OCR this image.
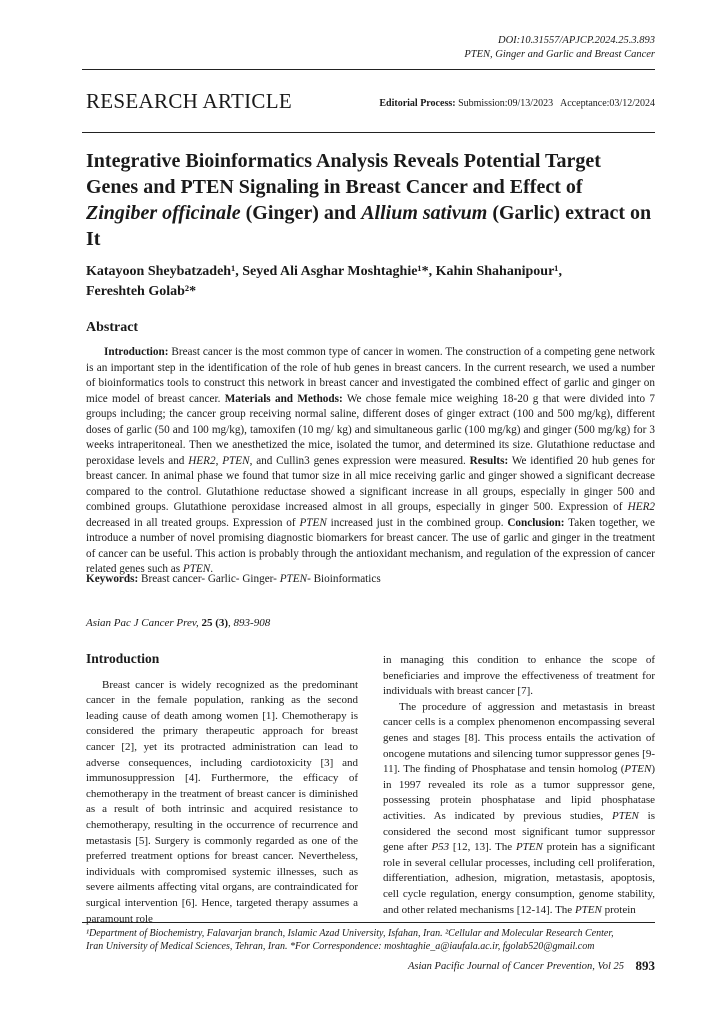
DOI:10.31557/APJCP.2024.25.3.893
PTEN, Ginger and Garlic and Breast Cancer
RESEARCH ARTICLE	Editorial Process: Submission:09/13/2023   Acceptance:03/12/2024
Integrative Bioinformatics Analysis Reveals Potential Target Genes and PTEN Signaling in Breast Cancer and Effect of Zingiber officinale (Ginger) and Allium sativum (Garlic) extract on It
Katayoon Sheybatzadeh¹, Seyed Ali Asghar Moshtaghie¹*, Kahin Shahanipour¹,
Fereshteh Golab²*
Abstract
Introduction: Breast cancer is the most common type of cancer in women. The construction of a competing gene network is an important step in the identification of the role of hub genes in breast cancers. In the current research, we used a number of bioinformatics tools to construct this network in breast cancer and investigated the combined effect of garlic and ginger on mice model of breast cancer. Materials and Methods: We chose female mice weighing 18-20 g that were divided into 7 groups including; the cancer group receiving normal saline, different doses of ginger extract (100 and 500 mg/kg), different doses of garlic (50 and 100 mg/kg), tamoxifen (10 mg/ kg) and simultaneous garlic (100 mg/kg) and ginger (500 mg/kg) for 3 weeks intraperitoneal. Then we anesthetized the mice, isolated the tumor, and determined its size. Glutathione reductase and peroxidase levels and HER2, PTEN, and Cullin3 genes expression were measured. Results: We identified 20 hub genes for breast cancer. In animal phase we found that tumor size in all mice receiving garlic and ginger showed a significant decrease compared to the control. Glutathione reductase showed a significant increase in all groups, especially in ginger 500 and combined groups. Glutathione peroxidase increased almost in all groups, especially in ginger 500. Expression of HER2 decreased in all treated groups. Expression of PTEN increased just in the combined group. Conclusion: Taken together, we introduce a number of novel promising diagnostic biomarkers for breast cancer. The use of garlic and ginger in the treatment of cancer can be useful. This action is probably through the antioxidant mechanism, and regulation of the expression of cancer related genes such as PTEN.
Keywords: Breast cancer- Garlic- Ginger- PTEN- Bioinformatics
Asian Pac J Cancer Prev, 25 (3), 893-908
Introduction

Breast cancer is widely recognized as the predominant cancer in the female population, ranking as the second leading cause of death among women [1]. Chemotherapy is considered the primary therapeutic approach for breast cancer [2], yet its protracted administration can lead to adverse consequences, including cardiotoxicity [3] and immunosuppression [4]. Furthermore, the efficacy of chemotherapy in the treatment of breast cancer is diminished as a result of both intrinsic and acquired resistance to chemotherapy, resulting in the occurrence of recurrence and metastasis [5]. Surgery is commonly regarded as one of the preferred treatment options for breast cancer. Nevertheless, individuals with compromised systemic illnesses, such as severe ailments affecting vital organs, are contraindicated for surgical intervention [6]. Hence, targeted therapy assumes a paramount role

in managing this condition to enhance the scope of beneficiaries and improve the effectiveness of treatment for individuals with breast cancer [7].

The procedure of aggression and metastasis in breast cancer cells is a complex phenomenon encompassing several genes and stages [8]. This process entails the activation of oncogene mutations and silencing tumor suppressor genes [9-11]. The finding of Phosphatase and tensin homolog (PTEN) in 1997 revealed its role as a tumor suppressor gene, possessing protein phosphatase and lipid phosphatase activities. As indicated by previous studies, PTEN is considered the second most significant tumor suppressor gene after P53 [12, 13]. The PTEN protein has a significant role in several cellular processes, including cell proliferation, differentiation, adhesion, migration, metastasis, apoptosis, cell cycle regulation, energy consumption, genome stability, and other related mechanisms [12-14]. The PTEN protein

¹Department of Biochemistry, Falavarjan branch, Islamic Azad University, Isfahan, Iran. ²Cellular and Molecular Research Center,
Iran University of Medical Sciences, Tehran, Iran. *For Correspondence: moshtaghie_a@iaufala.ac.ir, fgolab520@gmail.com
Asian Pacific Journal of Cancer Prevention, Vol 25 893
